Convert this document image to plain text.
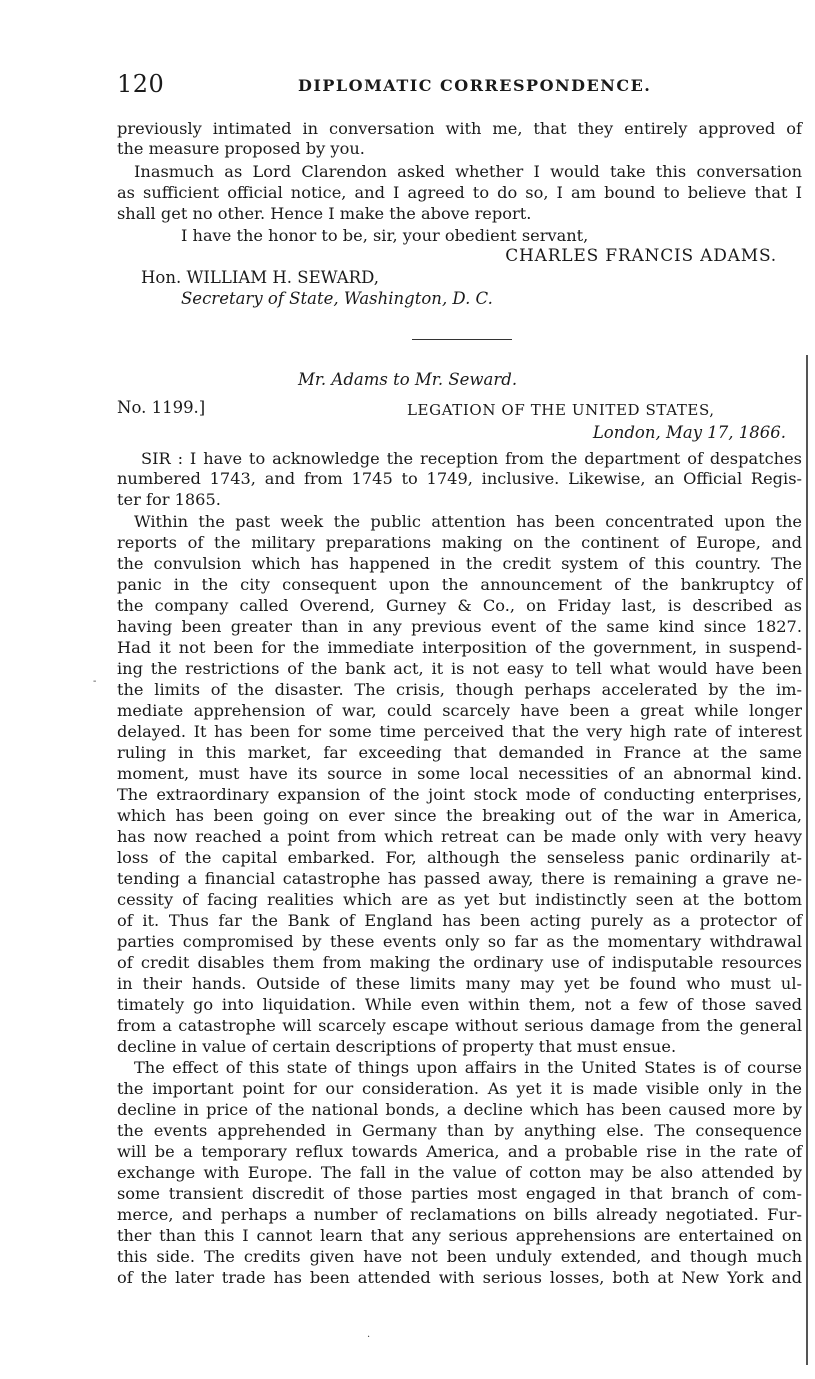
120	DIPLOMATIC CORRESPONDENCE.
previously intimated in conversation with me, that they entirely approved of
the measure proposed by you.
Inasmuch as Lord Clarendon asked whether I would take this conversation
as sufficient official notice, and I agreed to do so, I am bound to believe that I
shall get no other. Hence I make the above report.
I have the honor to be, sir, your obedient servant,
CHARLES FRANCIS ADAMS.
Hon. WILLIAM H. SEWARD,
Secretary of State, Washington, D. C.
Mr. Adams to Mr. Seward.
No. 1199.]	LEGATION OF THE UNITED STATES,
London, May 17, 1866.
SIR : I have to acknowledge the reception from the department of despatches
numbered 1743, and from 1745 to 1749, inclusive. Likewise, an Official Regis-
ter for 1865.
Within the past week the public attention has been concentrated upon the
reports of the military preparations making on the continent of Europe, and
the convulsion which has happened in the credit system of this country. The
panic in the city consequent upon the announcement of the bankruptcy of
the company called Overend, Gurney & Co., on Friday last, is described as
having been greater than in any previous event of the same kind since 1827.
Had it not been for the immediate interposition of the government, in suspend-
ing the restrictions of the bank act, it is not easy to tell what would have been
the limits of the disaster. The crisis, though perhaps accelerated by the im-
mediate apprehension of war, could scarcely have been a great while longer
delayed. It has been for some time perceived that the very high rate of interest
ruling in this market, far exceeding that demanded in France at the same
moment, must have its source in some local necessities of an abnormal kind.
The extraordinary expansion of the joint stock mode of conducting enterprises,
which has been going on ever since the breaking out of the war in America,
has now reached a point from which retreat can be made only with very heavy
loss of the capital embarked. For, although the senseless panic ordinarily at-
tending a financial catastrophe has passed away, there is remaining a grave ne-
cessity of facing realities which are as yet but indistinctly seen at the bottom
of it. Thus far the Bank of England has been acting purely as a protector of
parties compromised by these events only so far as the momentary withdrawal
of credit disables them from making the ordinary use of indisputable resources
in their hands. Outside of these limits many may yet be found who must ul-
timately go into liquidation. While even within them, not a few of those saved
from a catastrophe will scarcely escape without serious damage from the general
decline in value of certain descriptions of property that must ensue.
The effect of this state of things upon affairs in the United States is of course
the important point for our consideration. As yet it is made visible only in the
decline in price of the national bonds, a decline which has been caused more by
the events apprehended in Germany than by anything else. The consequence
will be a temporary reflux towards America, and a probable rise in the rate of
exchange with Europe. The fall in the value of cotton may be also attended by
some transient discredit of those parties most engaged in that branch of com-
merce, and perhaps a number of reclamations on bills already negotiated. Fur-
ther than this I cannot learn that any serious apprehensions are entertained on
this side. The credits given have not been unduly extended, and though much
of the later trade has been attended with serious losses, both at New York and
-
·
